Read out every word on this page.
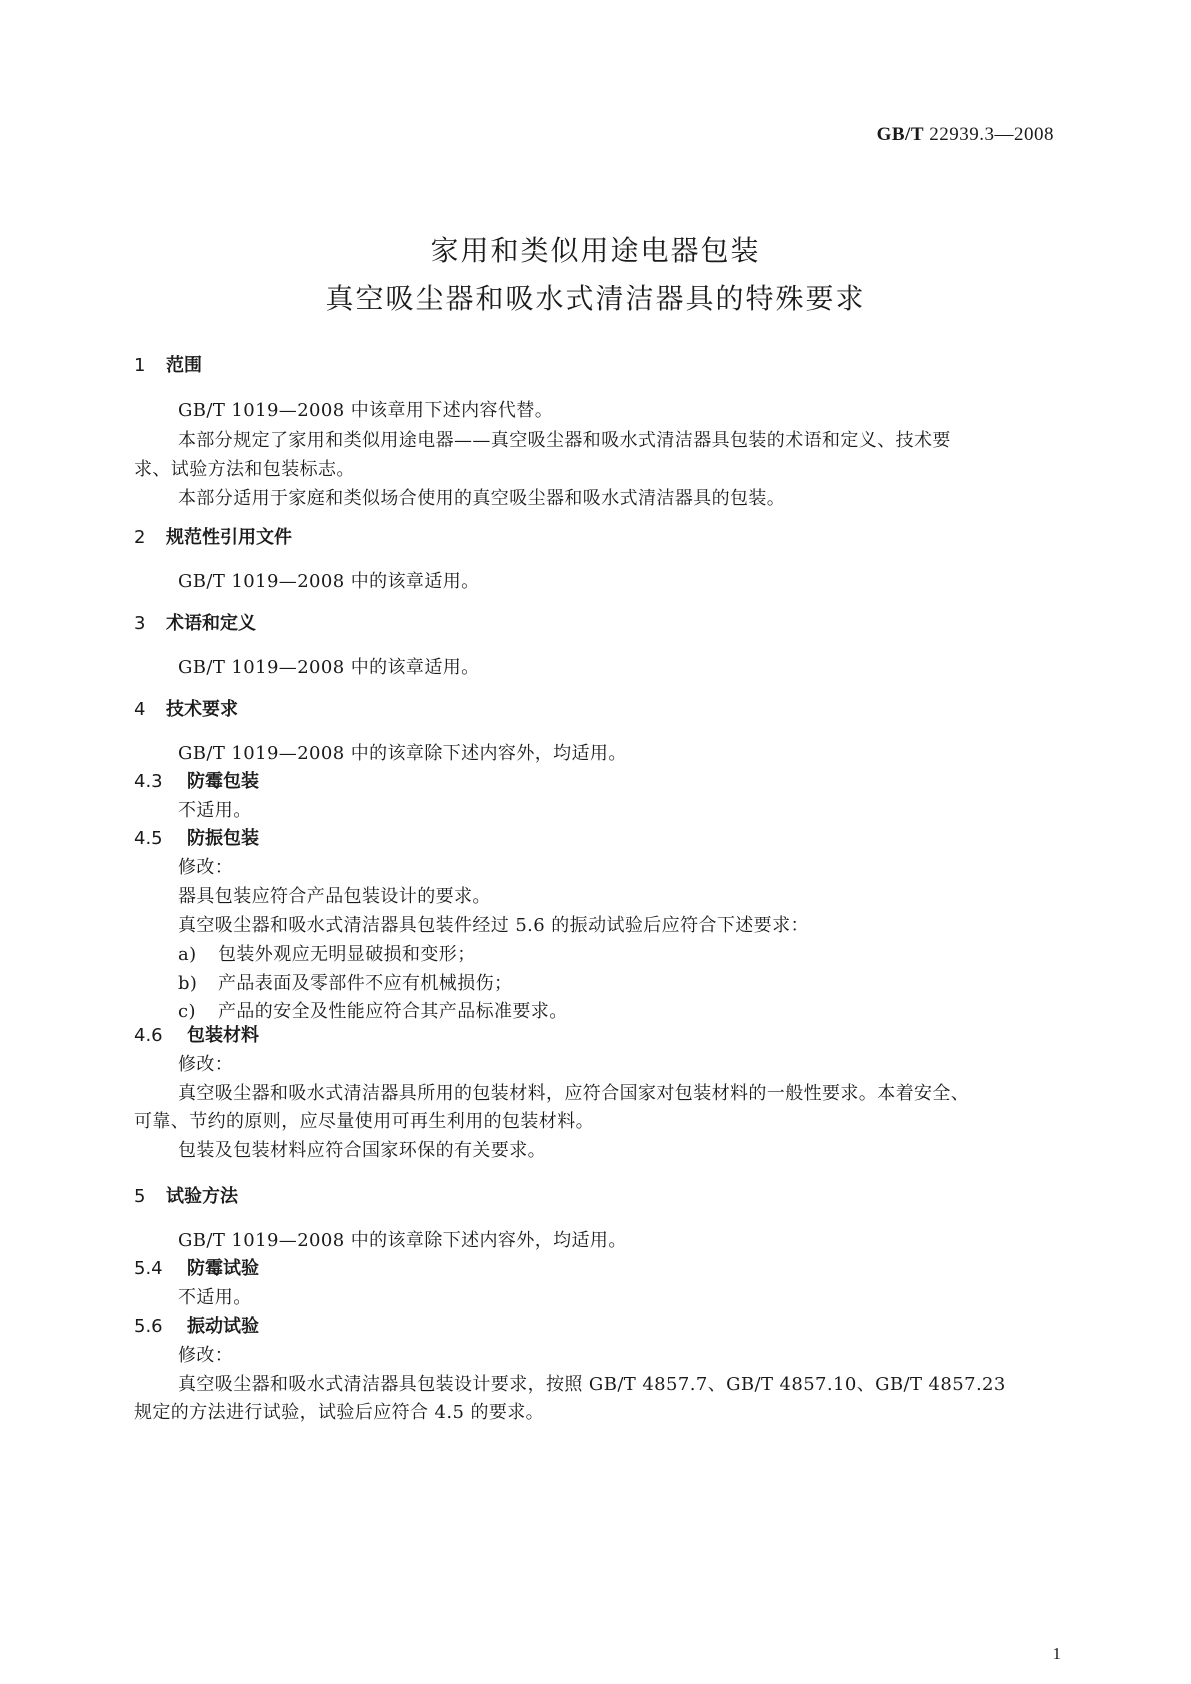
GB/T 22939.3—2008
家用和类似用途电器包装
真空吸尘器和吸水式清洁器具的特殊要求
1 范围
GB/T 1019—2008 中该章用下述内容代替。
本部分规定了家用和类似用途电器——真空吸尘器和吸水式清洁器具包装的术语和定义、技术要
求、试验方法和包装标志。
本部分适用于家庭和类似场合使用的真空吸尘器和吸水式清洁器具的包装。
2 规范性引用文件
GB/T 1019—2008 中的该章适用。
3 术语和定义
GB/T 1019—2008 中的该章适用。
4 技术要求
GB/T 1019—2008 中的该章除下述内容外，均适用。
4.3 防霉包装
不适用。
4.5 防振包装
修改：
器具包装应符合产品包装设计的要求。
真空吸尘器和吸水式清洁器具包装件经过 5.6 的振动试验后应符合下述要求：
a) 包装外观应无明显破损和变形；
b) 产品表面及零部件不应有机械损伤；
c) 产品的安全及性能应符合其产品标准要求。
4.6 包装材料
修改：
真空吸尘器和吸水式清洁器具所用的包装材料，应符合国家对包装材料的一般性要求。本着安全、
可靠、节约的原则，应尽量使用可再生利用的包装材料。
包装及包装材料应符合国家环保的有关要求。
5 试验方法
GB/T 1019—2008 中的该章除下述内容外，均适用。
5.4 防霉试验
不适用。
5.6 振动试验
修改：
真空吸尘器和吸水式清洁器具包装设计要求，按照 GB/T 4857.7、GB/T 4857.10、GB/T 4857.23
规定的方法进行试验，试验后应符合 4.5 的要求。
1
